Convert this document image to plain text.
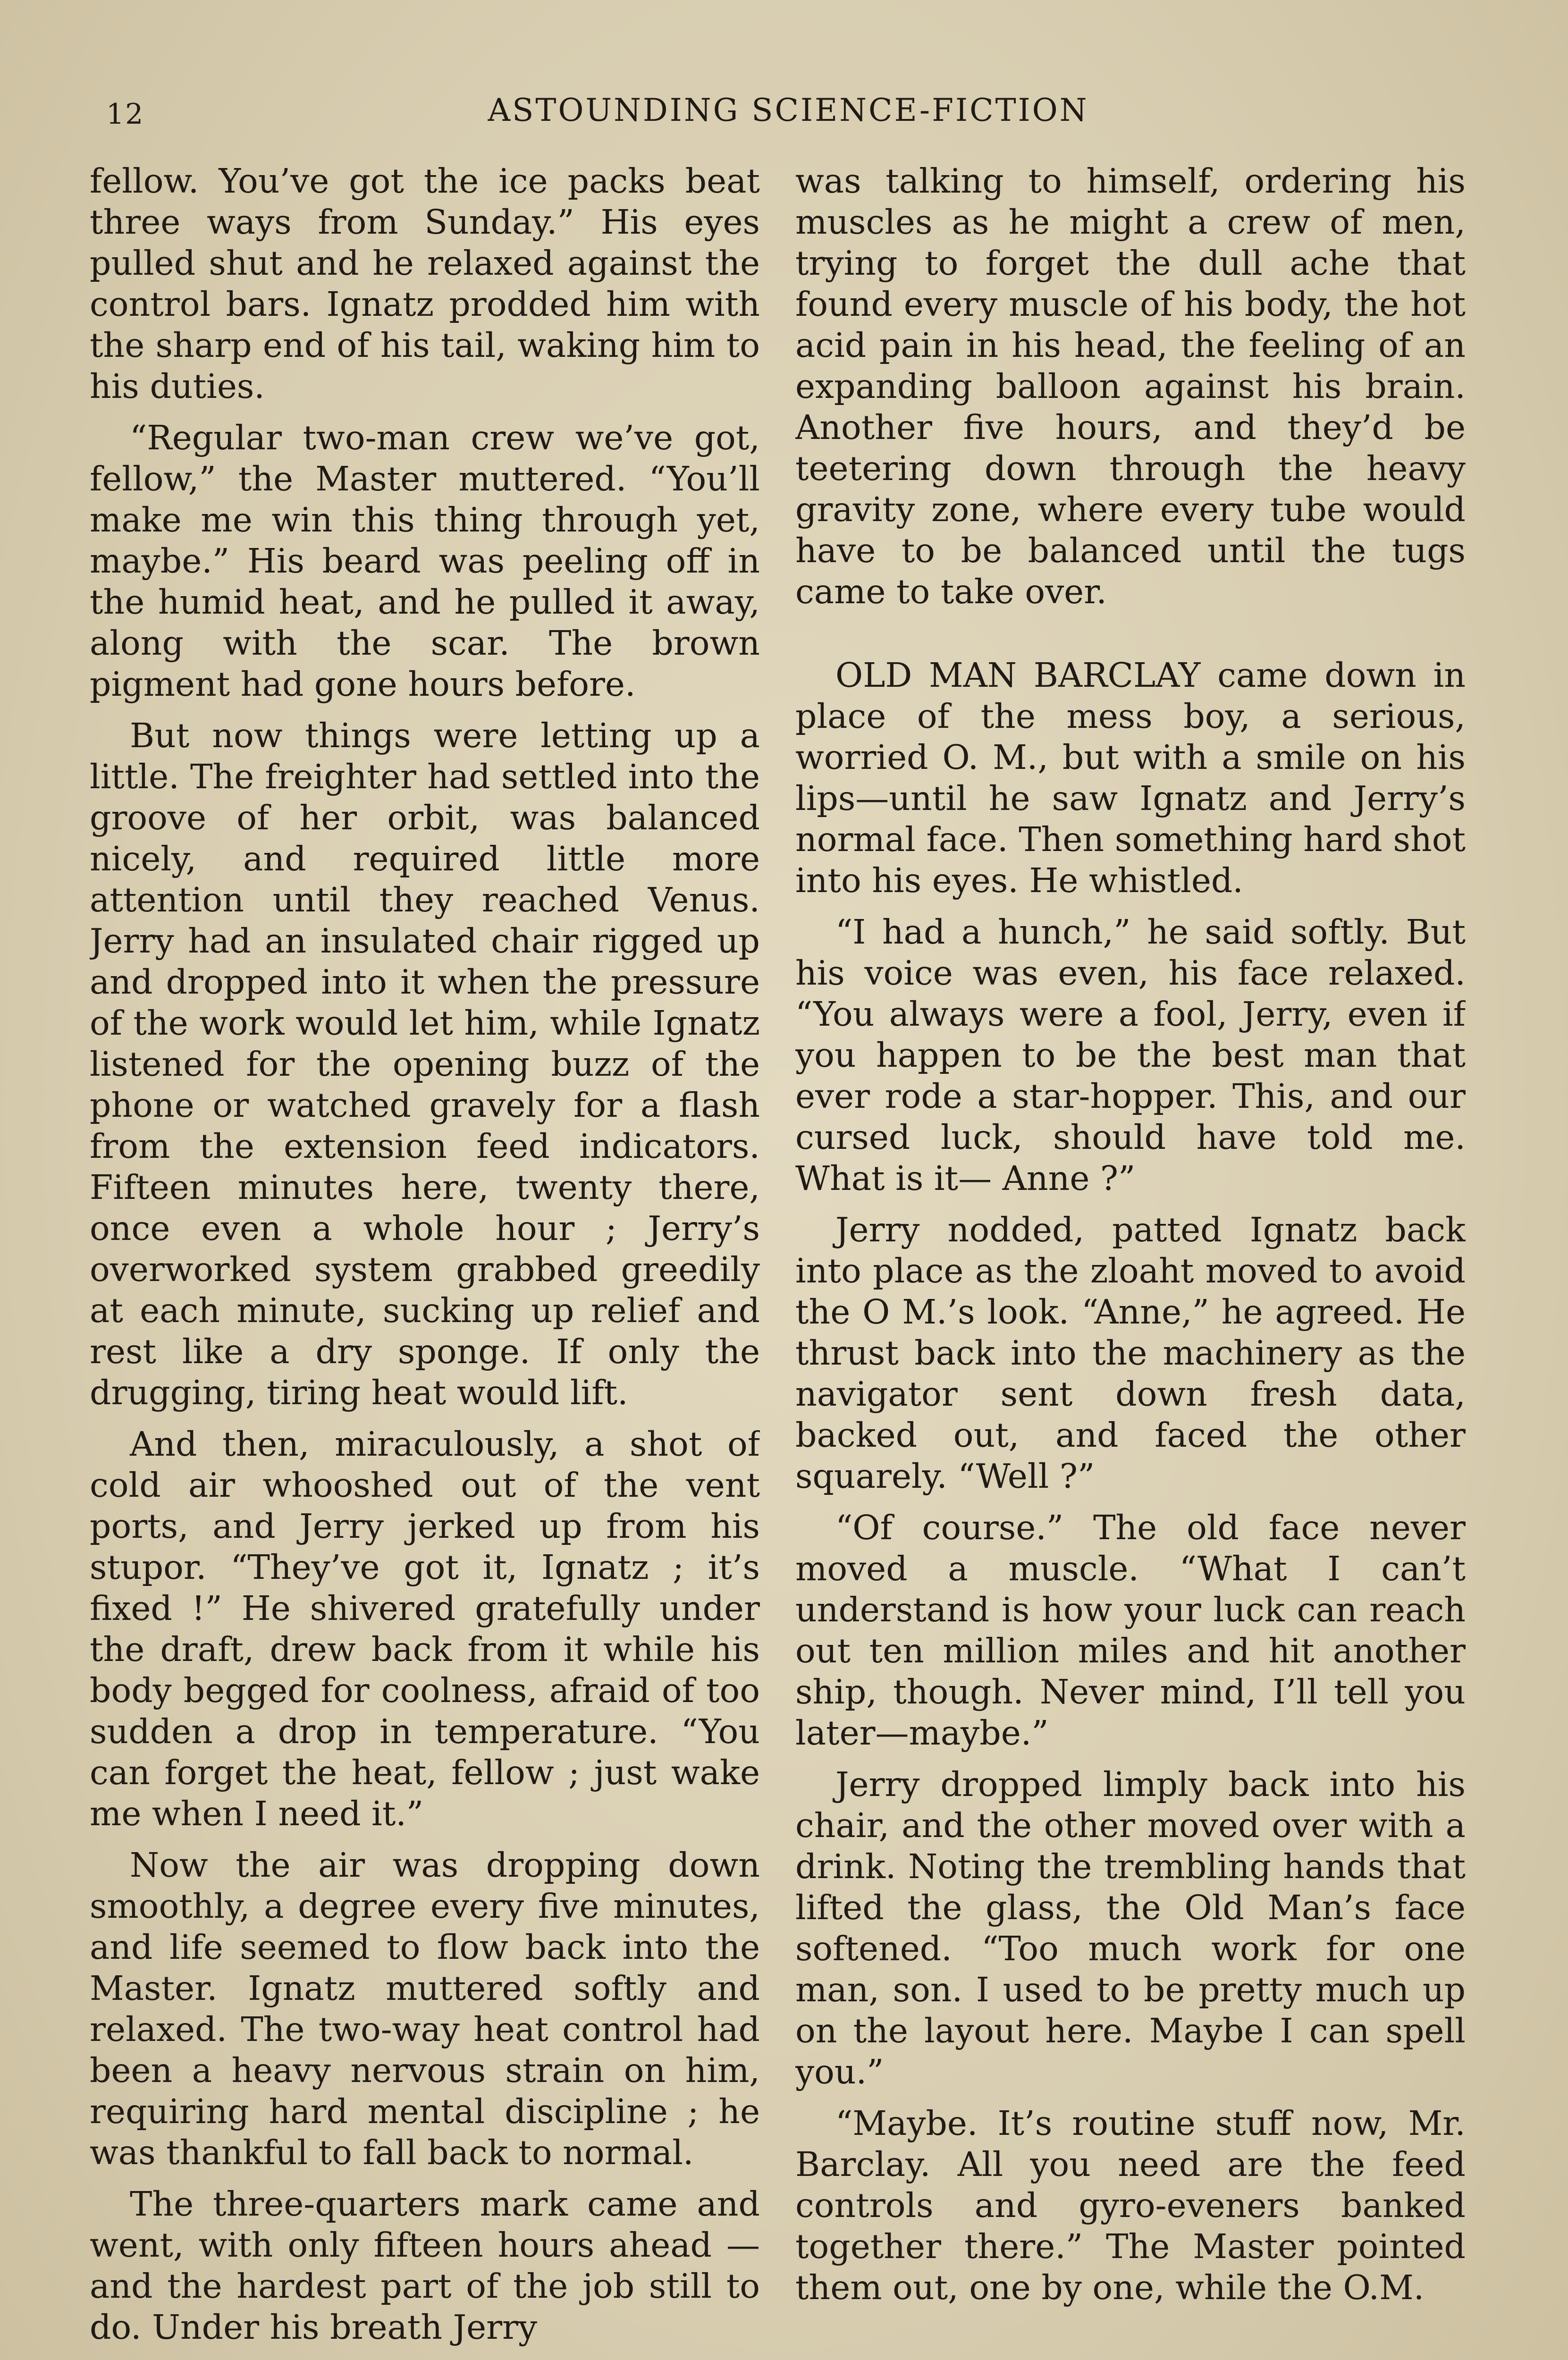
12	ASTOUNDING SCIENCE-FICTION

fellow. You’ve got the ice packs beat three ways from Sunday.” His eyes pulled shut and he relaxed against the control bars. Ignatz prodded him with the sharp end of his tail, waking him to his duties.

“Regular two-man crew we’ve got, fellow,” the Master muttered. “You’ll make me win this thing through yet, maybe.” His beard was peeling off in the humid heat, and he pulled it away, along with the scar. The brown pigment had gone hours before.

But now things were letting up a little. The freighter had settled into the groove of her orbit, was balanced nicely, and required little more attention until they reached Venus. Jerry had an insulated chair rigged up and dropped into it when the pressure of the work would let him, while Ignatz listened for the opening buzz of the phone or watched gravely for a flash from the extension feed indicators. Fifteen minutes here, twenty there, once even a whole hour ; Jerry’s overworked system grabbed greedily at each minute, sucking up relief and rest like a dry sponge. If only the drugging, tiring heat would lift.

And then, miraculously, a shot of cold air whooshed out of the vent ports, and Jerry jerked up from his stupor. “They’ve got it, Ignatz ; it’s fixed !” He shivered gratefully under the draft, drew back from it while his body begged for coolness, afraid of too sudden a drop in temperature. “You can forget the heat, fellow ; just wake me when I need it.”

Now the air was dropping down smoothly, a degree every five minutes, and life seemed to flow back into the Master. Ignatz muttered softly and relaxed. The two-way heat control had been a heavy nervous strain on him, requiring hard mental discipline ; he was thankful to fall back to normal.

The three-quarters mark came and went, with only fifteen hours ahead —and the hardest part of the job still to do. Under his breath Jerry

was talking to himself, ordering his muscles as he might a crew of men, trying to forget the dull ache that found every muscle of his body, the hot acid pain in his head, the feeling of an expanding balloon against his brain. Another five hours, and they’d be teetering down through the heavy gravity zone, where every tube would have to be balanced until the tugs came to take over.

OLD MAN BARCLAY came down in place of the mess boy, a serious, worried O. M., but with a smile on his lips—until he saw Ignatz and Jerry’s normal face. Then something hard shot into his eyes. He whistled.

“I had a hunch,” he said softly. But his voice was even, his face relaxed. “You always were a fool, Jerry, even if you happen to be the best man that ever rode a star-hopper. This, and our cursed luck, should have told me. What is it— Anne ?”

Jerry nodded, patted Ignatz back into place as the zloaht moved to avoid the O M.’s look. “Anne,” he agreed. He thrust back into the machinery as the navigator sent down fresh data, backed out, and faced the other squarely. “Well ?”

“Of course.” The old face never moved a muscle. “What I can’t understand is how your luck can reach out ten million miles and hit another ship, though. Never mind, I’ll tell you later—maybe.”

Jerry dropped limply back into his chair, and the other moved over with a drink. Noting the trembling hands that lifted the glass, the Old Man’s face softened. “Too much work for one man, son. I used to be pretty much up on the layout here. Maybe I can spell you.”

“Maybe. It’s routine stuff now, Mr. Barclay. All you need are the feed controls and gyro-eveners banked together there.” The Master pointed them out, one by one, while the O.M.
